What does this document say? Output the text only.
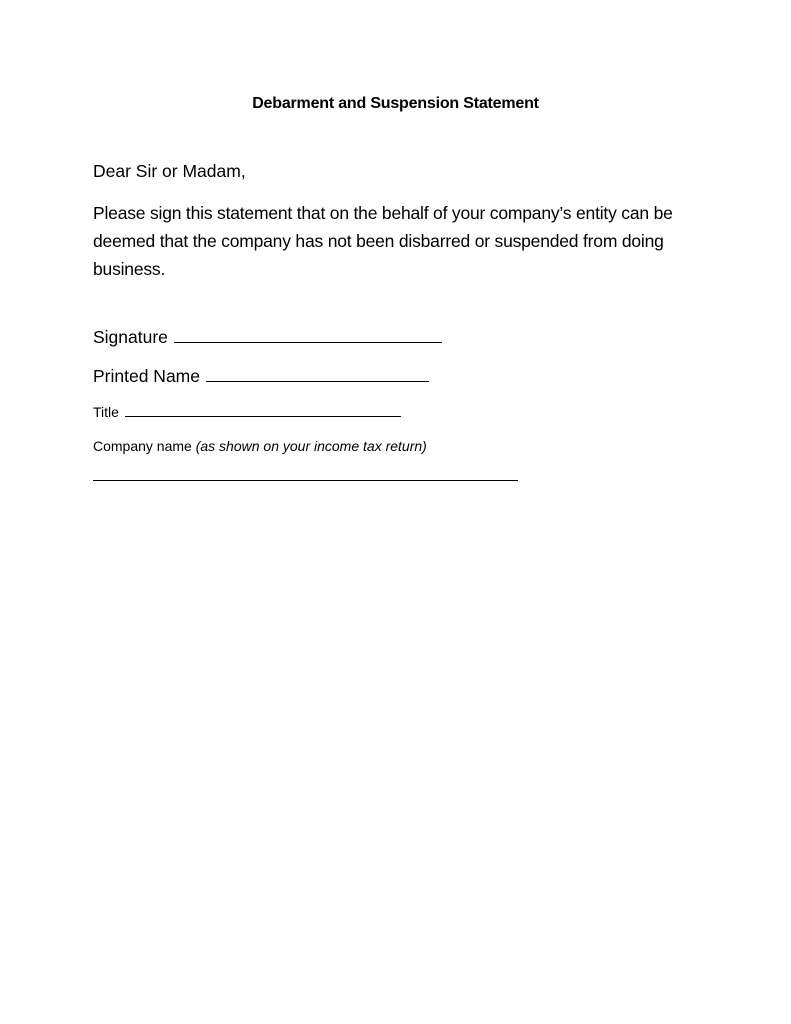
Debarment and Suspension Statement
Dear Sir or Madam,
Please sign this statement that on the behalf of your company’s entity can be deemed that the company has not been disbarred or suspended from doing business.
Signature
Printed Name
Title
Company name (as shown on your income tax return)
